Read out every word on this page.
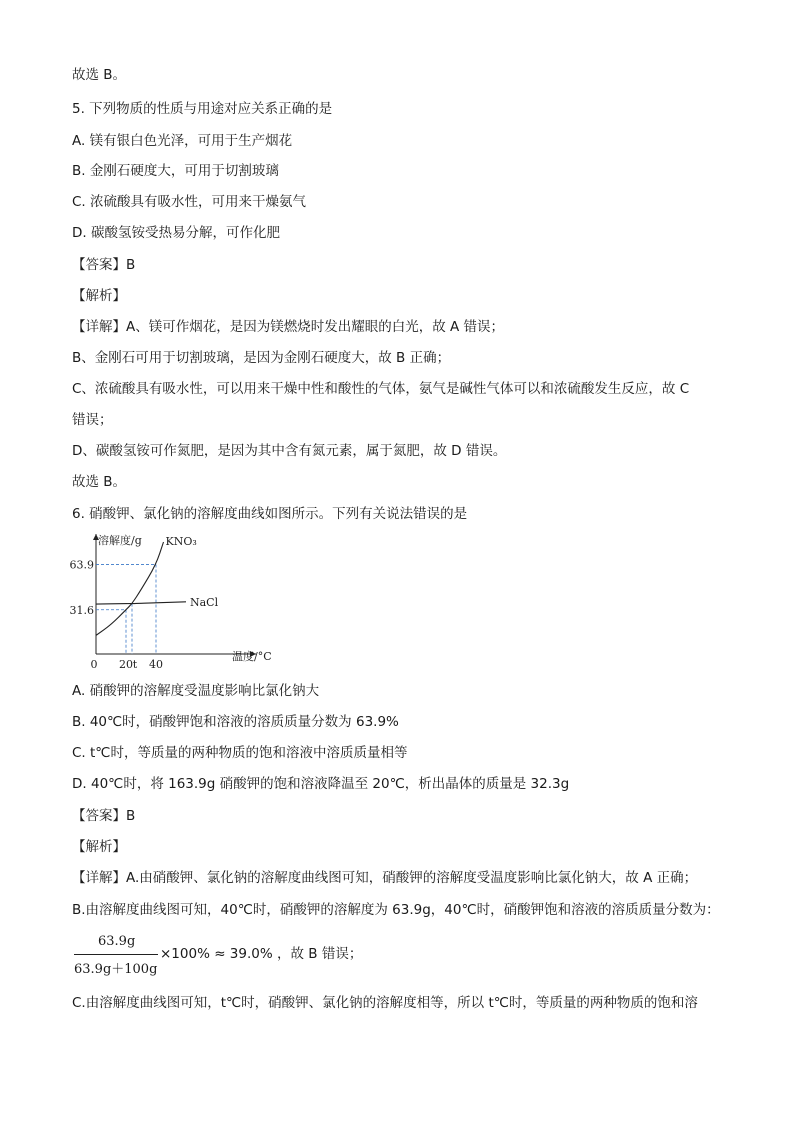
故选 B。
5. 下列物质的性质与用途对应关系正确的是
A. 镁有银白色光泽，可用于生产烟花
B. 金刚石硬度大，可用于切割玻璃
C. 浓硫酸具有吸水性，可用来干燥氨气
D. 碳酸氢铵受热易分解，可作化肥
【答案】B
【解析】
【详解】A、镁可作烟花，是因为镁燃烧时发出耀眼的白光，故 A 错误；
B、金刚石可用于切割玻璃，是因为金刚石硬度大，故 B 正确；
C、浓硫酸具有吸水性，可以用来干燥中性和酸性的气体，氨气是碱性气体可以和浓硫酸发生反应，故 C
错误；
D、碳酸氢铵可作氮肥，是因为其中含有氮元素，属于氮肥，故 D 错误。
故选 B。
6. 硝酸钾、氯化钠的溶解度曲线如图所示。下列有关说法错误的是
溶解度/g
温度/°C
KNO₃
NaCl
31.6
63.9
0 20 t 40
A. 硝酸钾的溶解度受温度影响比氯化钠大
B. 40℃时，硝酸钾饱和溶液的溶质质量分数为 63.9%
C. t℃时，等质量的两种物质的饱和溶液中溶质质量相等
D. 40℃时，将 163.9g 硝酸钾的饱和溶液降温至 20℃，析出晶体的质量是 32.3g
【答案】B
【解析】
【详解】A.由硝酸钾、氯化钠的溶解度曲线图可知，硝酸钾的溶解度受温度影响比氯化钠大，故 A 正确；
B.由溶解度曲线图可知，40℃时，硝酸钾的溶解度为 63.9g，40℃时，硝酸钾饱和溶液的溶质质量分数为：
63.9g
63.9g＋100g
×100% ≈ 39.0% ，故 B 错误；
C.由溶解度曲线图可知，t℃时，硝酸钾、氯化钠的溶解度相等，所以 t℃时，等质量的两种物质的饱和溶
